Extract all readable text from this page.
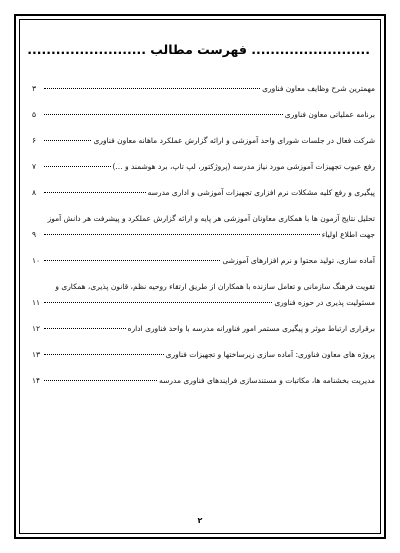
......................... فهرست مطالب .........................
مهمترین شرح وظایف معاون فناوری
۳
برنامه عملیاتی معاون فناوری
۵
شرکت فعال در جلسات شورای واحد آموزشی و ارائه گزارش عملکرد ماهانه معاون فناوری
۶
رفع عیوب تجهیزات آموزشی مورد نیاز مدرسه (پروژکتور، لپ تاپ، برد هوشمند و ...)
۷
پیگیری و رفع کلیه مشکلات نرم افزاری تجهیزات آموزشی و اداری مدرسه
۸
تحلیل نتایج آزمون ها با همکاری معاونان آموزشی هر پایه و ارائه گزارش عملکرد و پیشرفت هر دانش آموز
جهت اطلاع اولیاء
۹
آماده سازی، تولید محتوا و نرم افزارهای آموزشی
۱۰
تقویت فرهنگ سازمانی و تعامل سازنده با همکاران از طریق ارتقاء روحیه نظم، قانون پذیری، همکاری و
مسئولیت پذیری در حوزه فناوری
۱۱
برقراری ارتباط موثر و پیگیری مستمر امور فناورانه مدرسه با واحد فناوری اداره
۱۲
پروژه های معاون فناوری: آماده سازی زیرساختها و تجهیزات فناوری
۱۳
مدیریت بخشنامه ها، مکاتبات و مستندسازی فرایندهای فناوری مدرسه
۱۴
۲
